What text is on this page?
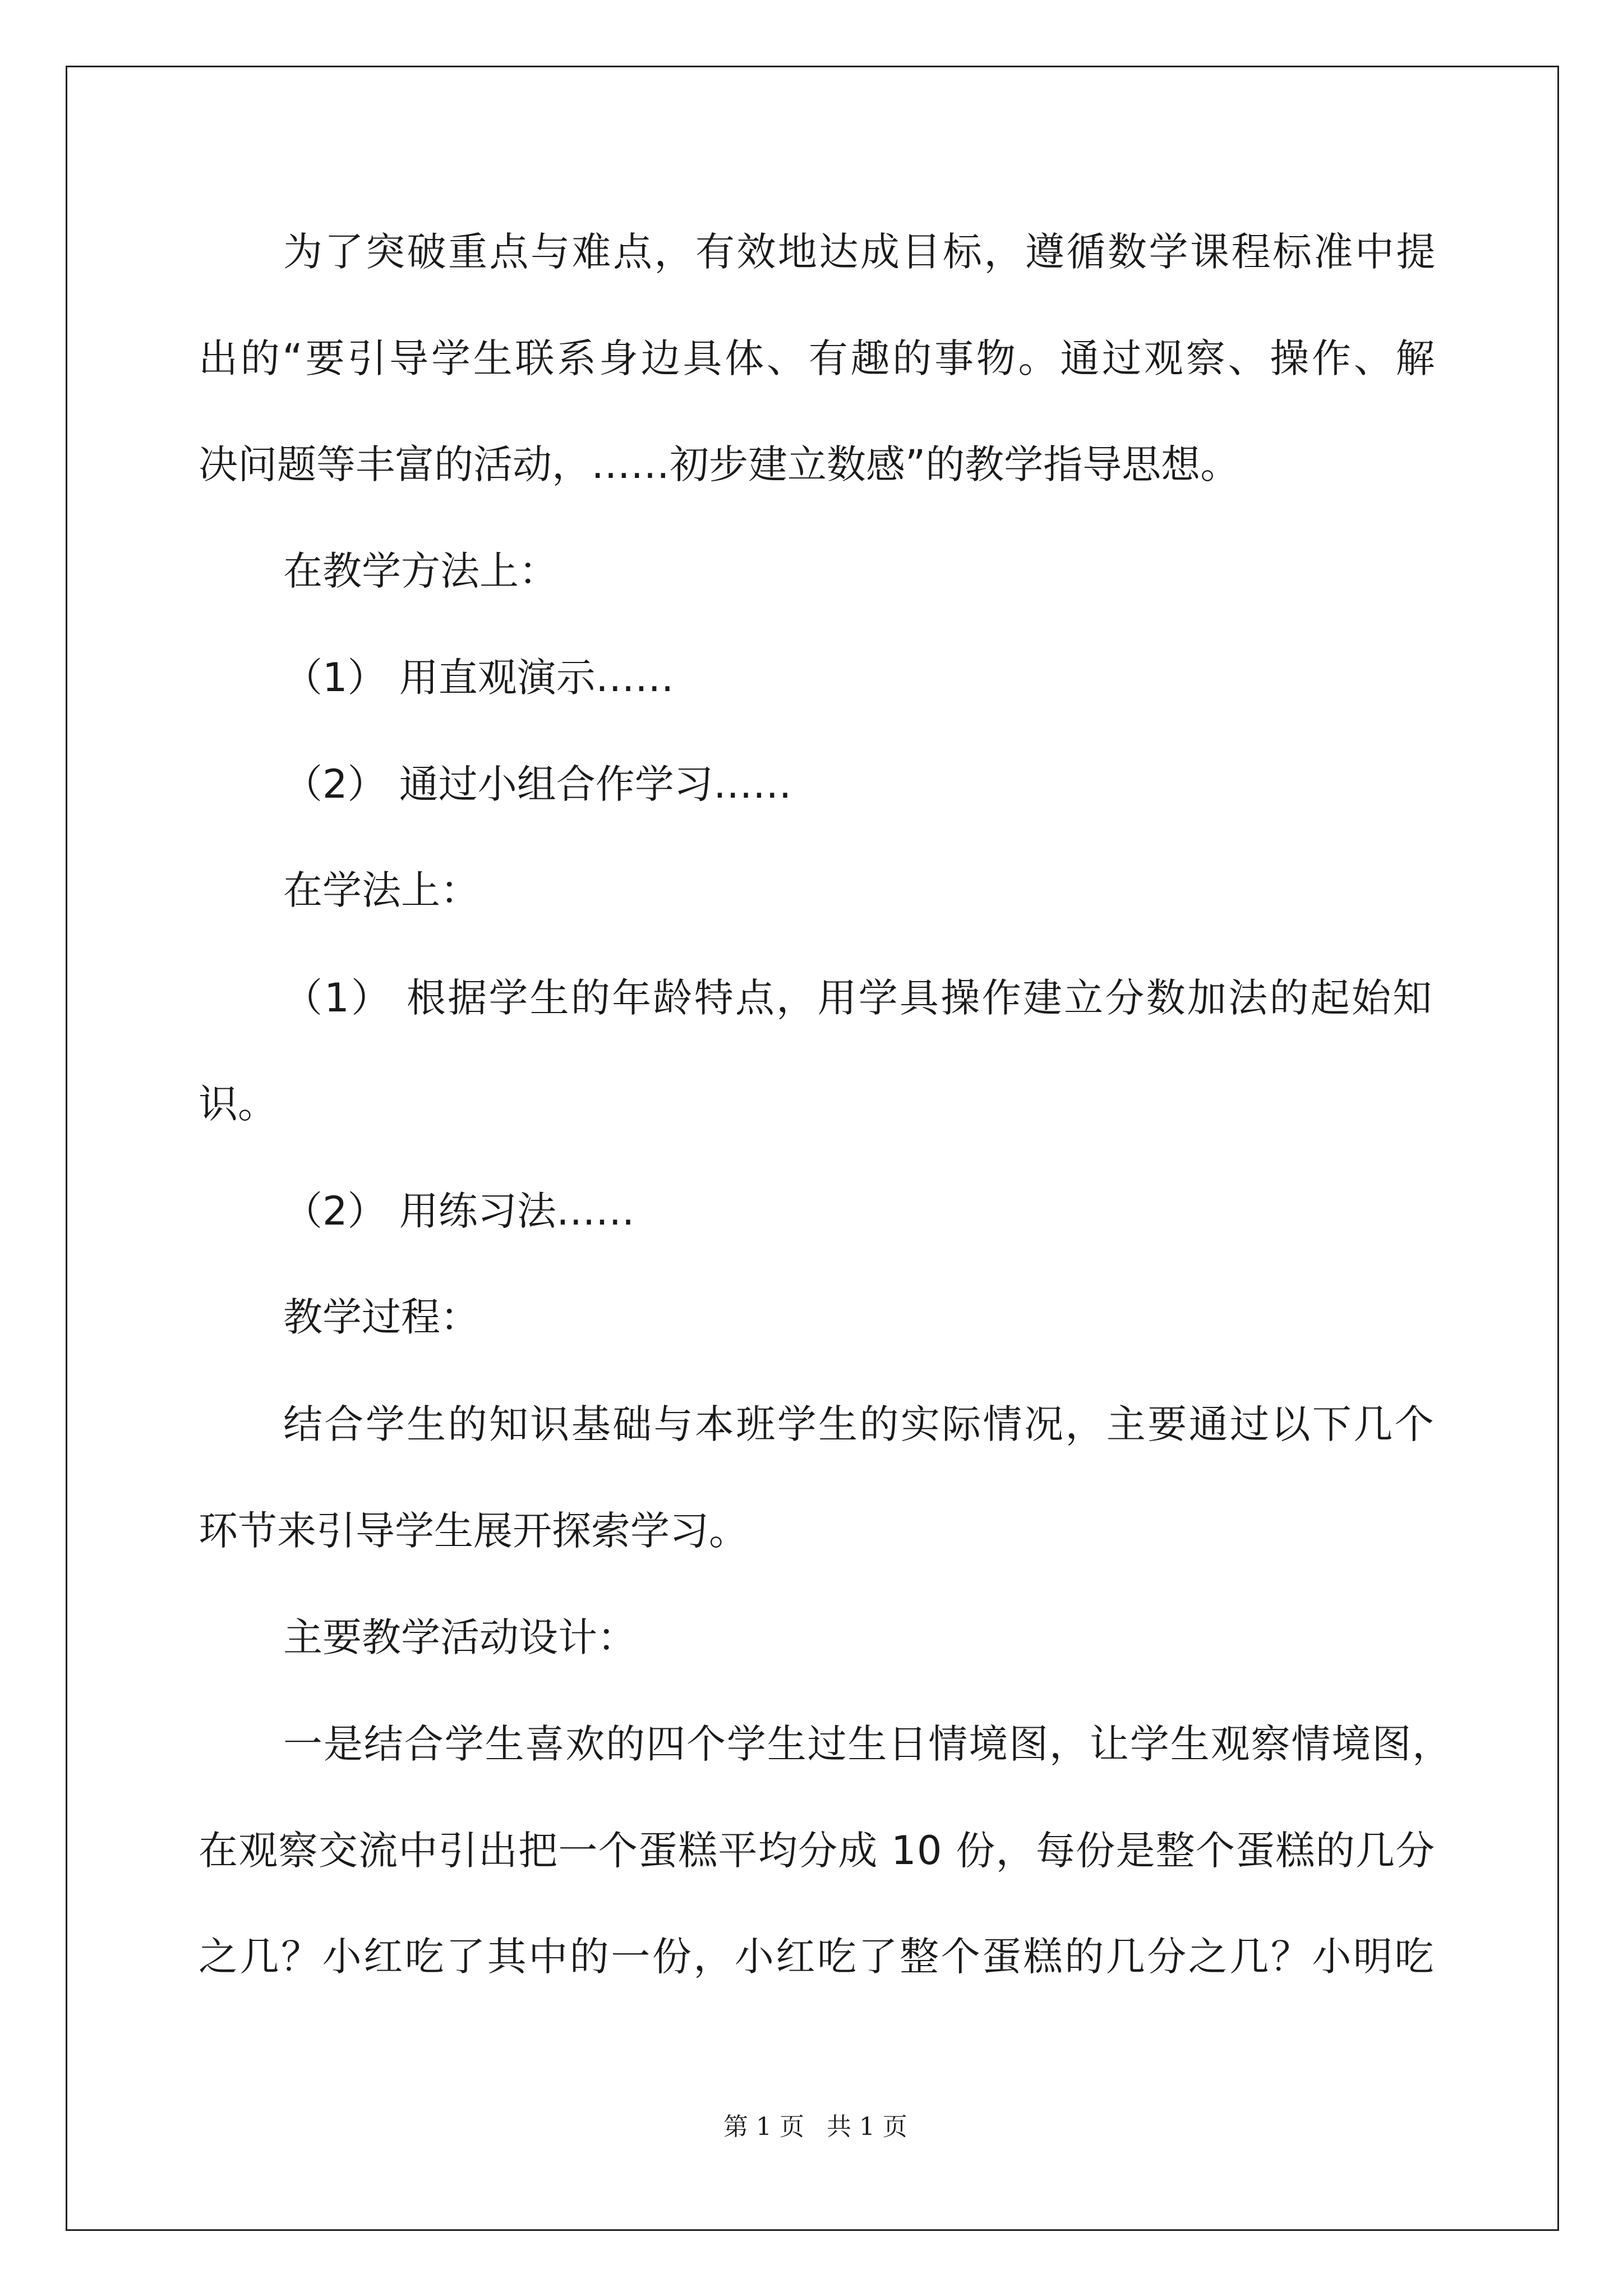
为了突破重点与难点，有效地达成目标，遵循数学课程标准中提
出的“要引导学生联系身边具体、有趣的事物。通过观察、操作、解
决问题等丰富的活动，……初步建立数感”的教学指导思想。
在教学方法上：
（1） 用直观演示……
（2） 通过小组合作学习……
在学法上：
（1） 根据学生的年龄特点，用学具操作建立分数加法的起始知
识。
（2） 用练习法……
教学过程：
结合学生的知识基础与本班学生的实际情况，主要通过以下几个
环节来引导学生展开探索学习。
主要教学活动设计：
一是结合学生喜欢的四个学生过生日情境图，让学生观察情境图，
在观察交流中引出把一个蛋糕平均分成 10 份，每份是整个蛋糕的几分
之几？小红吃了其中的一份，小红吃了整个蛋糕的几分之几？小明吃
第 1 页 共 1 页
